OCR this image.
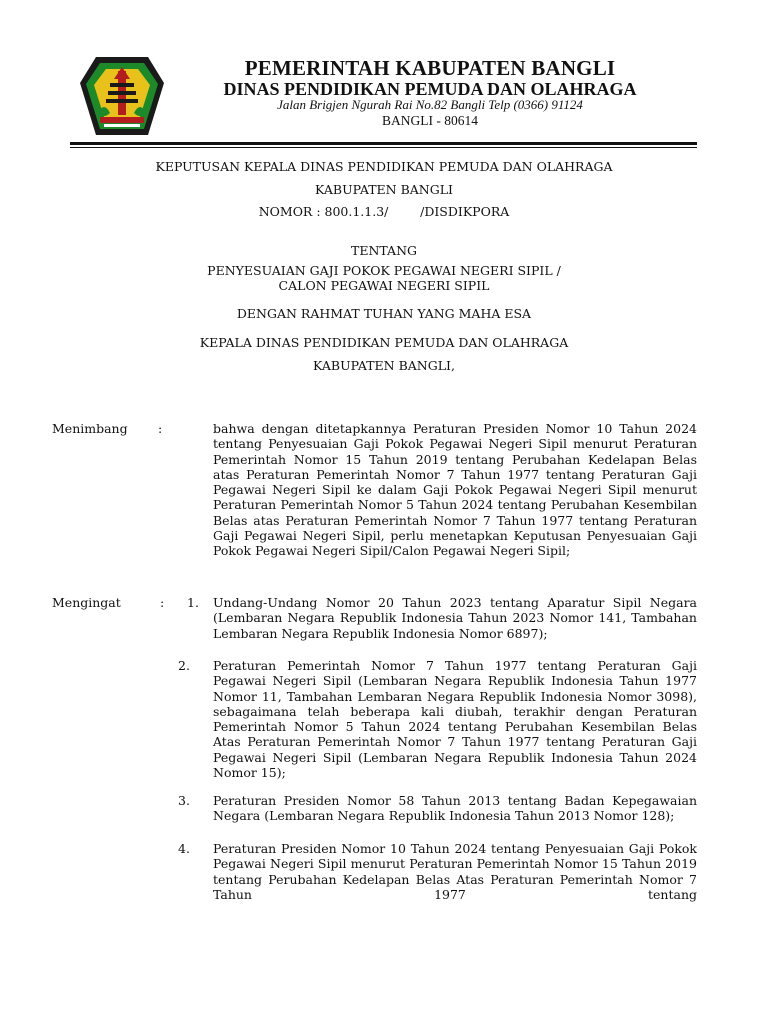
PEMERINTAH KABUPATEN BANGLI
DINAS PENDIDIKAN PEMUDA DAN OLAHRAGA
Jalan Brigjen Ngurah Rai No.82 Bangli Telp (0366) 91124
BANGLI - 80614
KEPUTUSAN KEPALA DINAS PENDIDIKAN PEMUDA DAN OLAHRAGA
KABUPATEN BANGLI
NOMOR : 800.1.1.3/        /DISDIKPORA
TENTANG
PENYESUAIAN GAJI POKOK PEGAWAI NEGERI SIPIL /
CALON PEGAWAI NEGERI SIPIL
DENGAN RAHMAT TUHAN YANG MAHA ESA
KEPALA DINAS PENDIDIKAN PEMUDA DAN OLAHRAGA
KABUPATEN BANGLI,
Menimbang :	bahwa dengan ditetapkannya Peraturan Presiden Nomor 10 Tahun 2024 tentang Penyesuaian Gaji Pokok Pegawai Negeri Sipil menurut Peraturan Pemerintah Nomor 15 Tahun 2019 tentang Perubahan Kedelapan Belas atas Peraturan Pemerintah Nomor 7 Tahun 1977 tentang Peraturan Gaji Pegawai Negeri Sipil ke dalam Gaji Pokok Pegawai Negeri Sipil menurut Peraturan Pemerintah Nomor 5 Tahun 2024 tentang Perubahan Kesembilan Belas atas Peraturan Pemerintah Nomor 7 Tahun 1977 tentang Peraturan Gaji Pegawai Negeri Sipil, perlu menetapkan Keputusan Penyesuaian Gaji Pokok Pegawai Negeri Sipil/Calon Pegawai Negeri Sipil;
Mengingat	: 1. Undang-Undang Nomor 20 Tahun 2023 tentang Aparatur Sipil Negara (Lembaran Negara Republik Indonesia Tahun 2023 Nomor 141, Tambahan Lembaran Negara Republik Indonesia Nomor 6897);
2. Peraturan Pemerintah Nomor 7 Tahun 1977 tentang Peraturan Gaji Pegawai Negeri Sipil (Lembaran Negara Republik Indonesia Tahun 1977 Nomor 11, Tambahan Lembaran Negara Republik Indonesia Nomor 3098), sebagaimana telah beberapa kali diubah, terakhir dengan Peraturan Pemerintah Nomor 5 Tahun 2024 tentang Perubahan Kesembilan Belas Atas Peraturan Pemerintah Nomor 7 Tahun 1977 tentang Peraturan Gaji Pegawai Negeri Sipil (Lembaran Negara Republik Indonesia Tahun 2024 Nomor 15);
3. Peraturan Presiden Nomor 58 Tahun 2013 tentang Badan Kepegawaian Negara (Lembaran Negara Republik Indonesia Tahun 2013 Nomor 128);
4. Peraturan Presiden Nomor 10 Tahun 2024 tentang Penyesuaian Gaji Pokok Pegawai Negeri Sipil menurut Peraturan Pemerintah Nomor 15 Tahun 2019 tentang Perubahan Kedelapan Belas Atas Peraturan Pemerintah Nomor 7 Tahun 1977 tentang
